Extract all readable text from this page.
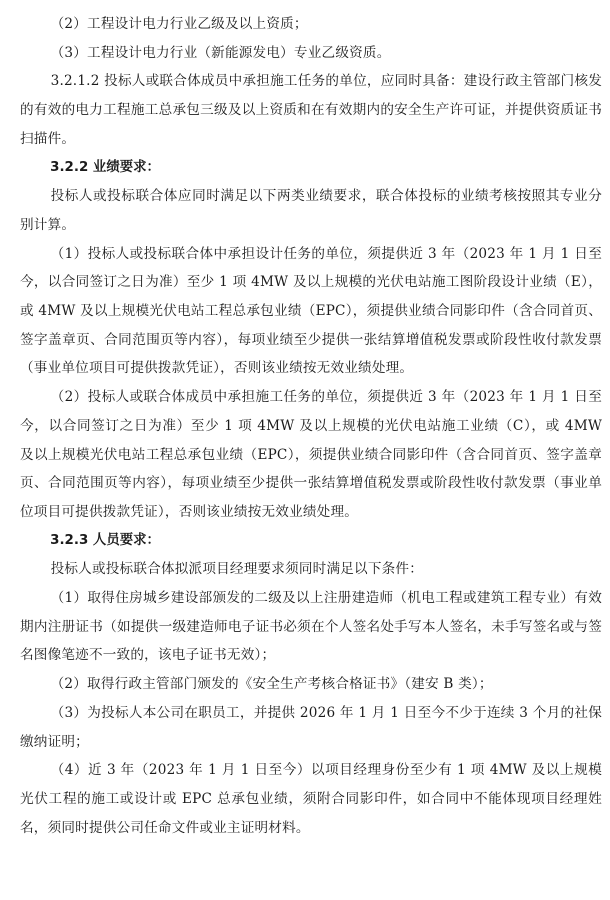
（2）工程设计电力行业乙级及以上资质；

（3）工程设计电力行业（新能源发电）专业乙级资质。

3.2.1.2 投标人或联合体成员中承担施工任务的单位，应同时具备：建设行政主管部门核发的有效的电力工程施工总承包三级及以上资质和在有效期内的安全生产许可证，并提供资质证书扫描件。

3.2.2 业绩要求：

投标人或投标联合体应同时满足以下两类业绩要求，联合体投标的业绩考核按照其专业分别计算。

（1）投标人或投标联合体中承担设计任务的单位，须提供近 3 年（2023 年 1 月 1 日至今，以合同签订之日为准）至少 1 项 4MW 及以上规模的光伏电站施工图阶段设计业绩（E），或 4MW 及以上规模光伏电站工程总承包业绩（EPC），须提供业绩合同影印件（含合同首页、签字盖章页、合同范围页等内容），每项业绩至少提供一张结算增值税发票或阶段性收付款发票（事业单位项目可提供拨款凭证），否则该业绩按无效业绩处理。

（2）投标人或联合体成员中承担施工任务的单位，须提供近 3 年（2023 年 1 月 1 日至今，以合同签订之日为准）至少 1 项 4MW 及以上规模的光伏电站施工业绩（C），或 4MW 及以上规模光伏电站工程总承包业绩（EPC），须提供业绩合同影印件（含合同首页、签字盖章页、合同范围页等内容），每项业绩至少提供一张结算增值税发票或阶段性收付款发票（事业单位项目可提供拨款凭证），否则该业绩按无效业绩处理。

3.2.3 人员要求：

投标人或投标联合体拟派项目经理要求须同时满足以下条件：

（1）取得住房城乡建设部颁发的二级及以上注册建造师（机电工程或建筑工程专业）有效期内注册证书（如提供一级建造师电子证书必须在个人签名处手写本人签名，未手写签名或与签名图像笔迹不一致的，该电子证书无效）；

（2）取得行政主管部门颁发的《安全生产考核合格证书》（建安 B 类）；

（3）为投标人本公司在职员工，并提供 2026 年 1 月 1 日至今不少于连续 3 个月的社保缴纳证明；

（4）近 3 年（2023 年 1 月 1 日至今）以项目经理身份至少有 1 项 4MW 及以上规模光伏工程的施工或设计或 EPC 总承包业绩，须附合同影印件，如合同中不能体现项目经理姓名，须同时提供公司任命文件或业主证明材料。
